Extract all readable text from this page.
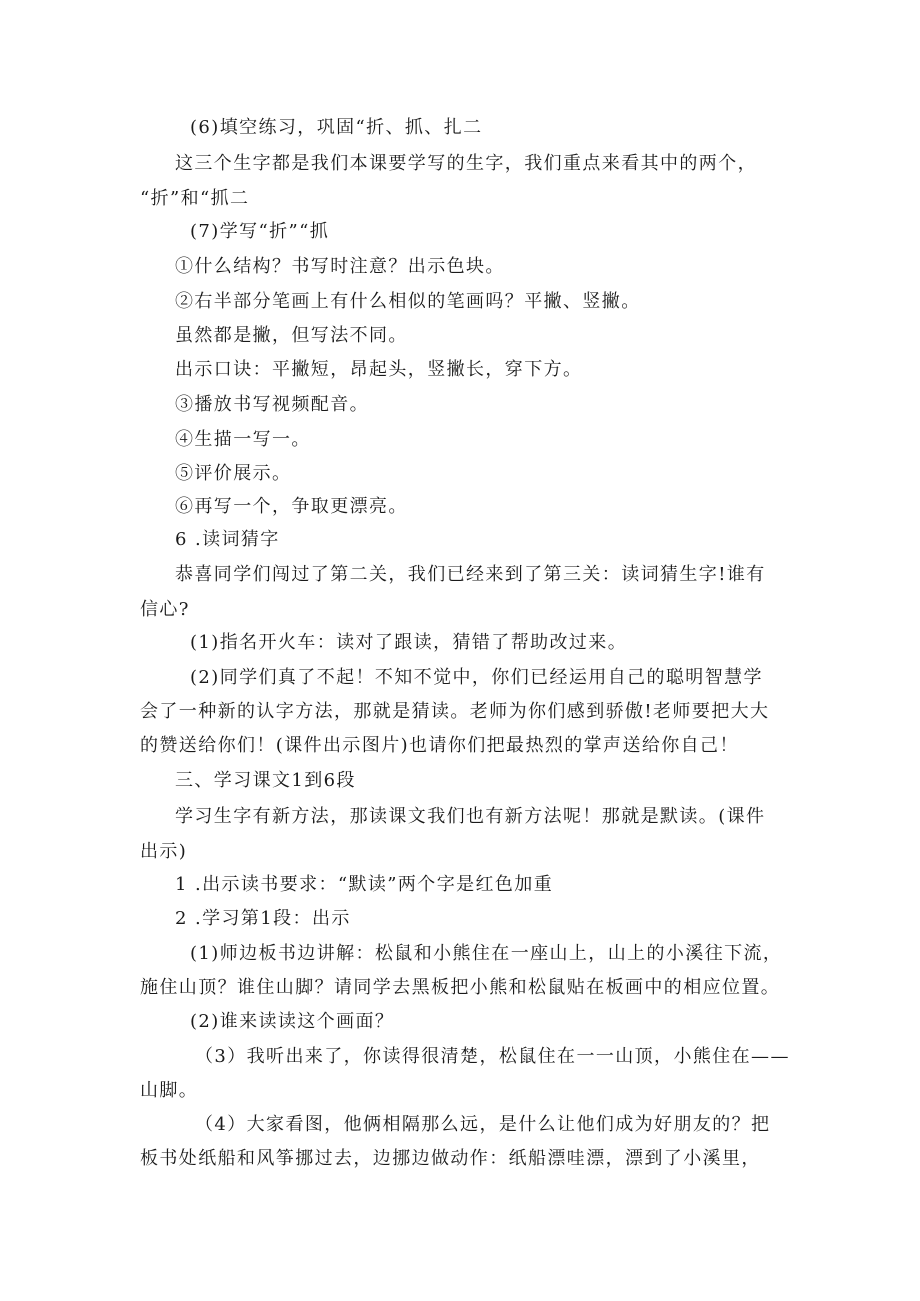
(6)填空练习，巩固“折、抓、扎二
这三个生字都是我们本课要学写的生字，我们重点来看其中的两个，
“折”和“抓二
(7)学写“折”“抓
①什么结构？书写时注意？出示色块。
②右半部分笔画上有什么相似的笔画吗？平撇、竖撇。
虽然都是撇，但写法不同。
出示口诀：平撇短，昂起头，竖撇长，穿下方。
③播放书写视频配音。
④生描一写一。
⑤评价展示。
⑥再写一个，争取更漂亮。
6 .读词猜字
恭喜同学们闯过了第二关，我们已经来到了第三关：读词猜生字!谁有
信心?
(1)指名开火车：读对了跟读，猜错了帮助改过来。
(2)同学们真了不起！不知不觉中，你们已经运用自己的聪明智慧学
会了一种新的认字方法，那就是猜读。老师为你们感到骄傲!老师要把大大
的赞送给你们！(课件出示图片)也请你们把最热烈的掌声送给你自己！
三、学习课文1到6段
学习生字有新方法，那读课文我们也有新方法呢！那就是默读。(课件
出示)
1 .出示读书要求：“默读”两个字是红色加重
2 .学习第1段：出示
(1)师边板书边讲解：松鼠和小熊住在一座山上，山上的小溪往下流，
施住山顶？谁住山脚？请同学去黑板把小熊和松鼠贴在板画中的相应位置。
(2)谁来读读这个画面？
（3）我听出来了，你读得很清楚，松鼠住在一一山顶，小熊住在——
山脚。
（4）大家看图，他俩相隔那么远，是什么让他们成为好朋友的？把
板书处纸船和风筝挪过去，边挪边做动作：纸船漂哇漂，漂到了小溪里，
